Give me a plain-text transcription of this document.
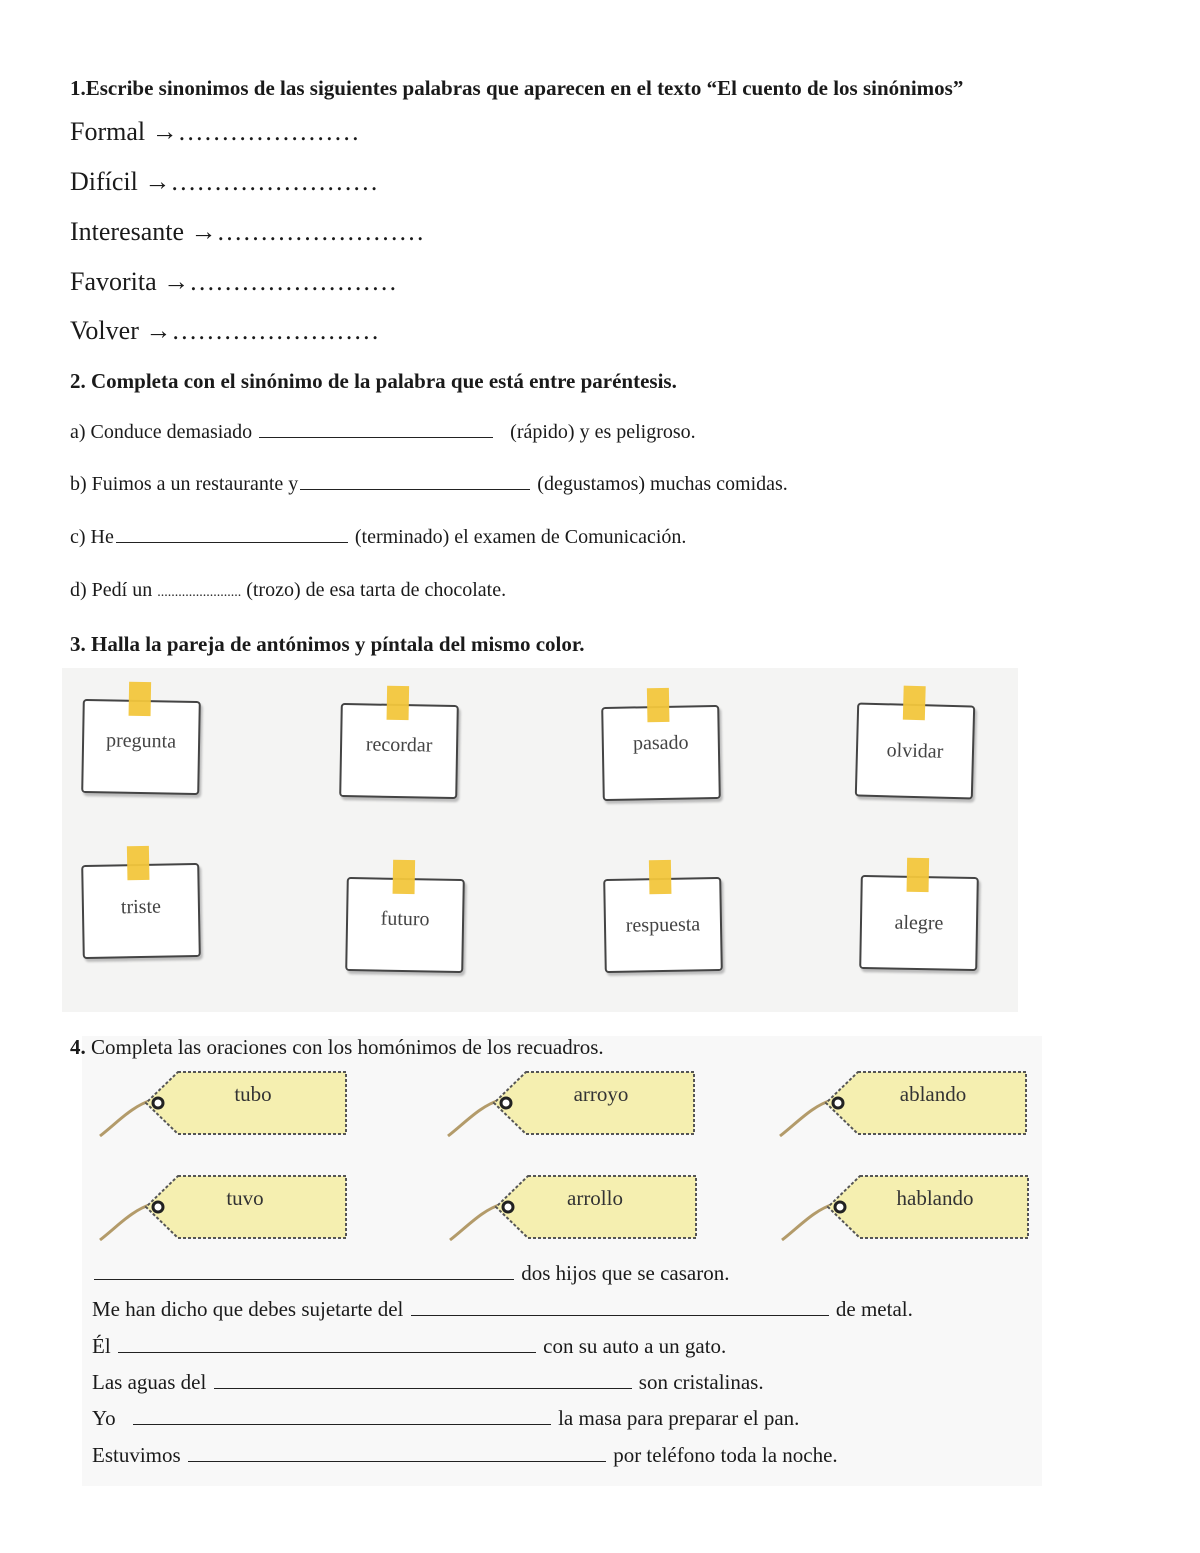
1.Escribe sinonimos de las siguientes palabras que aparecen en el texto “El cuento de los sinónimos”
Formal →…………………
Difícil →……………………
Interesante →……………………
Favorita →……………………
Volver →……………………
2. Completa con el sinónimo de la palabra que está entre paréntesis.
a) Conduce demasiado	(rápido) y es peligroso.
b) Fuimos a un restaurante y	(degustamos) muchas comidas.
c) He	(terminado) el examen de Comunicación.
d) Pedí un ........................ (trozo) de esa tarta de chocolate.
3. Halla la pareja de antónimos y píntala del mismo color.
pregunta	recordar	pasado	olvidar
triste
futuro	respuesta	alegre
tubo	arroyo	ablando
tuvo	arrollo	hablando
4. Completa las oraciones con los homónimos de los recuadros.
dos hijos que se casaron.
Me han dicho que debes sujetarte del	de metal.
Él	con su auto a un gato.
Las aguas del	son cristalinas.
Yo	la masa para preparar el pan.
Estuvimos	por teléfono toda la noche.
